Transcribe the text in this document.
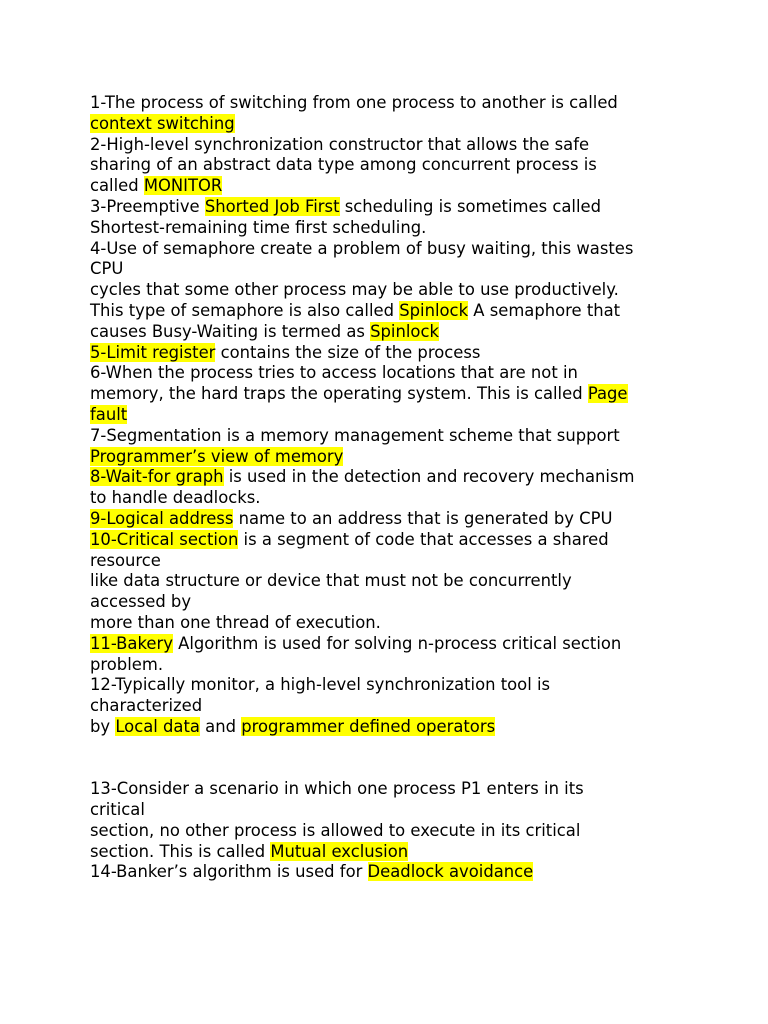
1-The process of switching from one process to another is called
context switching
2-High-level synchronization constructor that allows the safe
sharing of an abstract data type among concurrent process is
called MONITOR
3-Preemptive Shorted Job First scheduling is sometimes called
Shortest-remaining time first scheduling.
4-Use of semaphore create a problem of busy waiting, this wastes
CPU
cycles that some other process may be able to use productively.
This type of semaphore is also called Spinlock A semaphore that
causes Busy-Waiting is termed as Spinlock
5-Limit register contains the size of the process
6-When the process tries to access locations that are not in
memory, the hard traps the operating system. This is called Page
fault
7-Segmentation is a memory management scheme that support
Programmer’s view of memory
8-Wait-for graph is used in the detection and recovery mechanism
to handle deadlocks.
9-Logical address name to an address that is generated by CPU
10-Critical section is a segment of code that accesses a shared
resource
like data structure or device that must not be concurrently
accessed by
more than one thread of execution.
11-Bakery Algorithm is used for solving n-process critical section
problem.
12-Typically monitor, a high-level synchronization tool is
characterized
by Local data and programmer defined operators
13-Consider a scenario in which one process P1 enters in its
critical
section, no other process is allowed to execute in its critical
section. This is called Mutual exclusion
14-Banker’s algorithm is used for Deadlock avoidance
